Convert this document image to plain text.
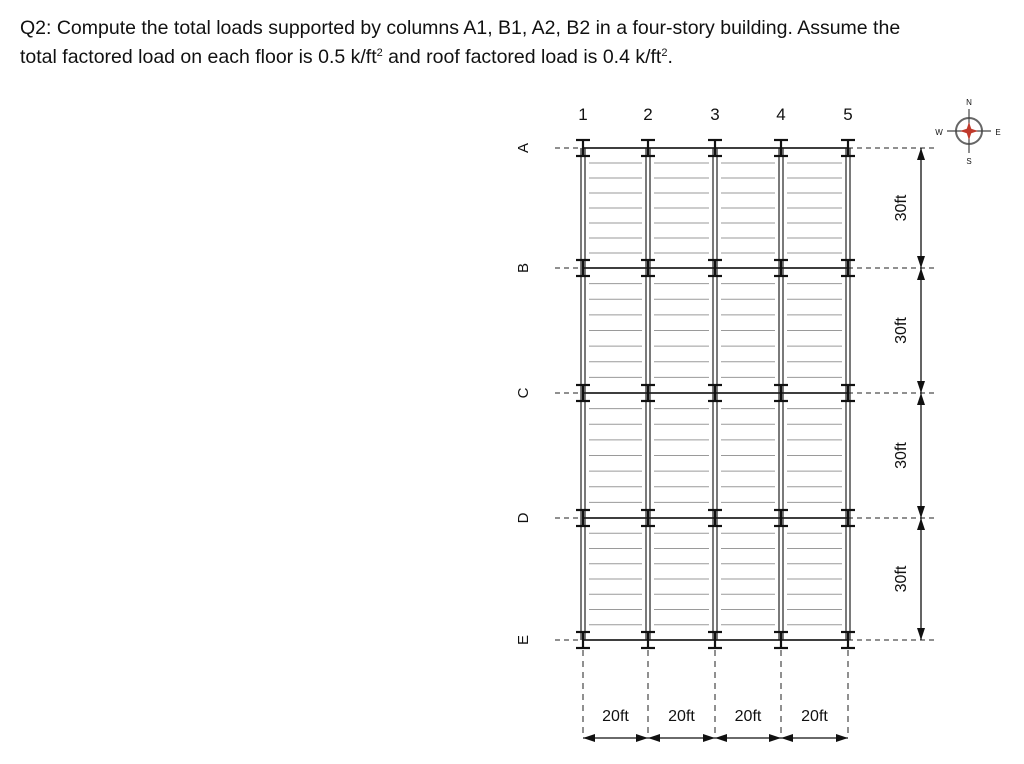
Q2: Compute the total loads supported by columns A1, B1, A2, B2 in a four-story building. Assume the

total factored load on each floor is 0.5 $k/ft^2$ and roof factored load is 0.4 $k/ft^2$.

20ft 20ft 20ft 20ft
30ft
30ft
30ft
30ft
1	2	3	4	5
A
B
C
D
E
N
S
W	E
